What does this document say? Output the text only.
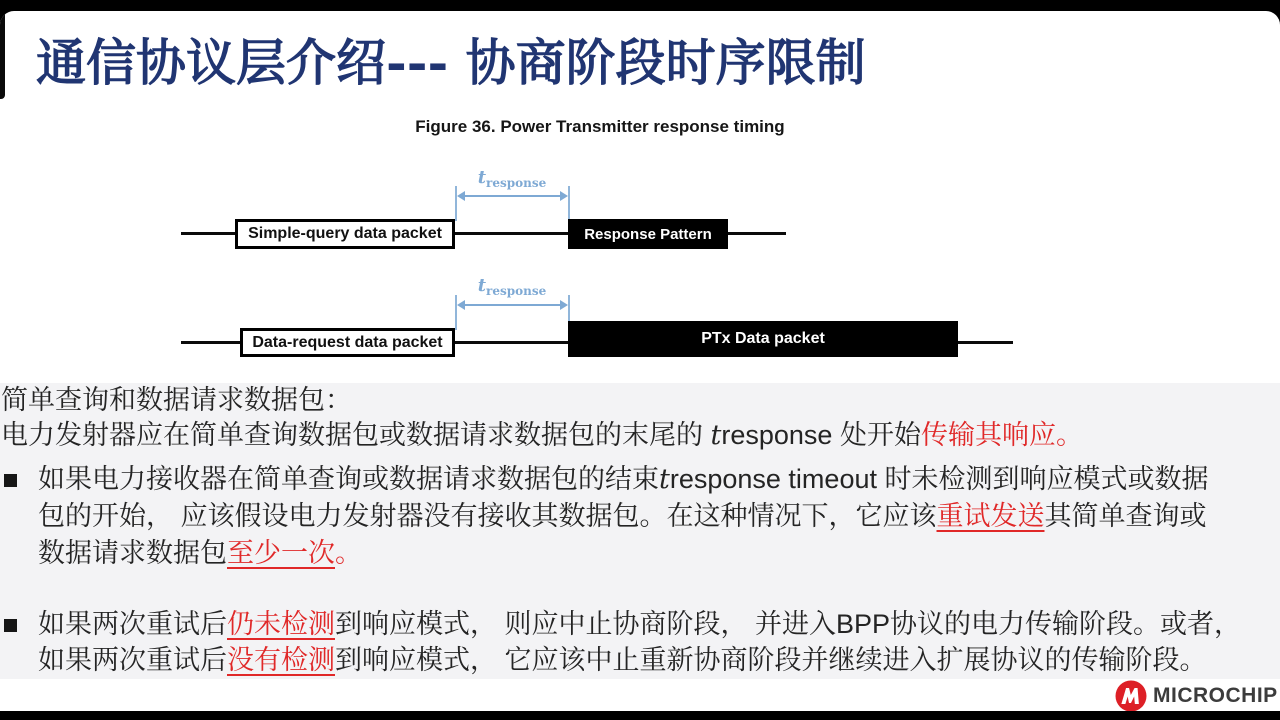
通信协议层介绍--- 协商阶段时序限制
Figure 36. Power Transmitter response timing
$t_{response}$
Simple-query data packet	Response Pattern
$t_{response}$
Data-request data packet	PTx Data packet
简单查询和数据请求数据包：
电力发射器应在简单查询数据包或数据请求数据包的末尾的 tresponse 处开始传输其响应。
如果电力接收器在简单查询或数据请求数据包的结束tresponse timeout 时未检测到响应模式或数据
包的开始， 应该假设电力发射器没有接收其数据包。在这种情况下，它应该重试发送其简单查询或
数据请求数据包至少一次。
如果两次重试后仍未检测到响应模式， 则应中止协商阶段， 并进入BPP协议的电力传输阶段。或者，
如果两次重试后没有检测到响应模式， 它应该中止重新协商阶段并继续进入扩展协议的传输阶段。
MICROCHIP
